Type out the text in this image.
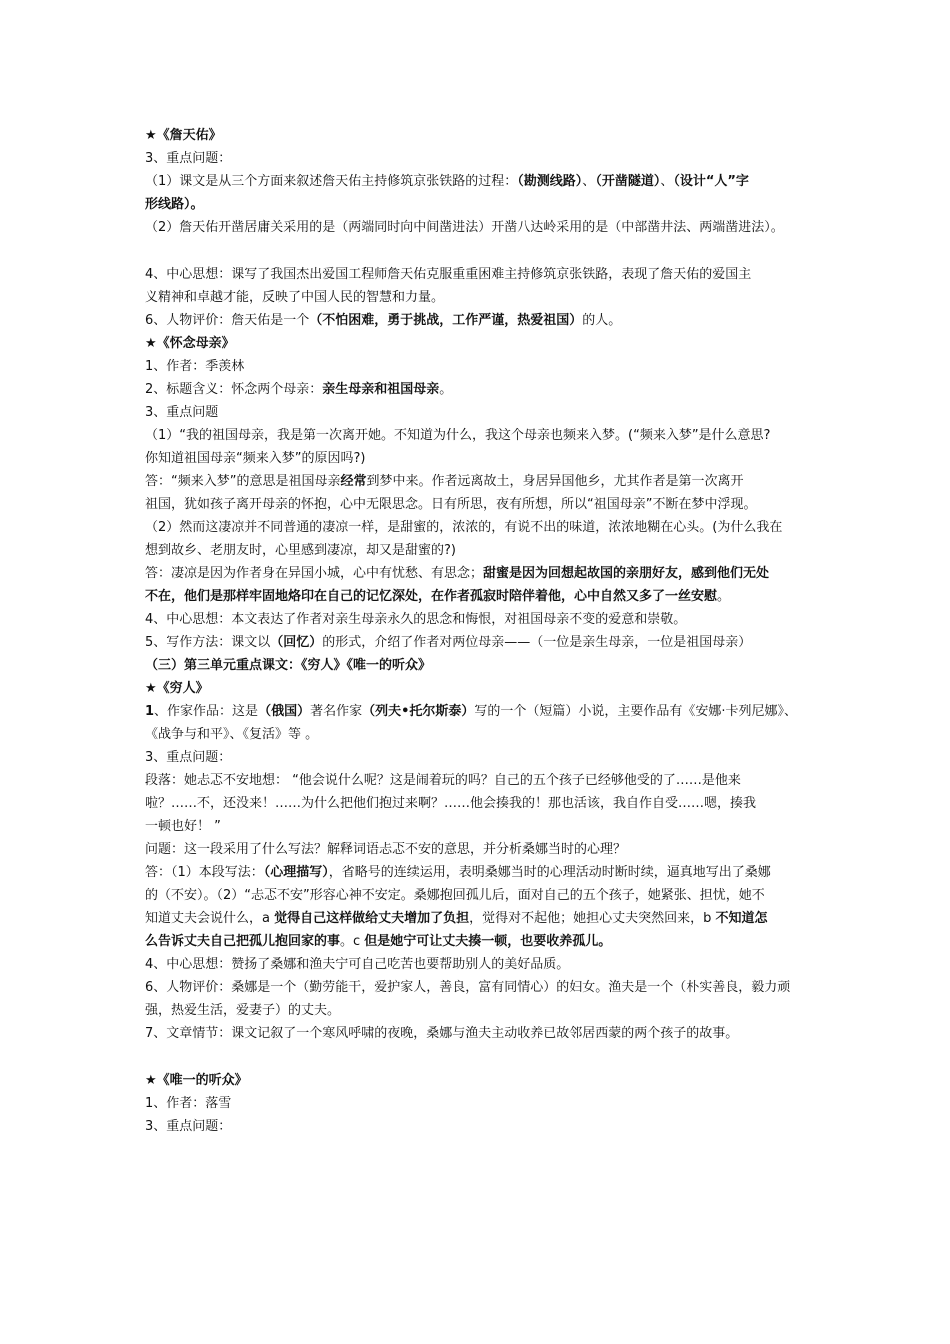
★《詹天佑》
3、重点问题：
（1）课文是从三个方面来叙述詹天佑主持修筑京张铁路的过程：（勘测线路）、（开凿隧道）、（设计“人”字
形线路）。
（2）詹天佑开凿居庸关采用的是（两端同时向中间凿进法）开凿八达岭采用的是（中部凿井法、两端凿进法）。
4、中心思想：课写了我国杰出爱国工程师詹天佑克服重重困难主持修筑京张铁路，表现了詹天佑的爱国主
义精神和卓越才能，反映了中国人民的智慧和力量。
6、人物评价：詹天佑是一个（不怕困难，勇于挑战，工作严谨，热爱祖国）的人。
★《怀念母亲》
1、作者：季羡林
2、标题含义：怀念两个母亲：亲生母亲和祖国母亲。
3、重点问题
（1）“我的祖国母亲，我是第一次离开她。不知道为什么，我这个母亲也频来入梦。(“频来入梦”是什么意思?
你知道祖国母亲“频来入梦”的原因吗?)
答：“频来入梦”的意思是祖国母亲经常到梦中来。作者远离故土，身居异国他乡，尤其作者是第一次离开
祖国，犹如孩子离开母亲的怀抱，心中无限思念。日有所思，夜有所想，所以“祖国母亲”不断在梦中浮现。
（2）然而这凄凉并不同普通的凄凉一样，是甜蜜的，浓浓的，有说不出的味道，浓浓地糊在心头。(为什么我在
想到故乡、老朋友时，心里感到凄凉，却又是甜蜜的?)
答：凄凉是因为作者身在异国小城，心中有忧愁、有思念；甜蜜是因为回想起故国的亲朋好友，感到他们无处
不在，他们是那样牢固地烙印在自己的记忆深处，在作者孤寂时陪伴着他，心中自然又多了一丝安慰。
4、中心思想：本文表达了作者对亲生母亲永久的思念和悔恨，对祖国母亲不变的爱意和崇敬。
5、写作方法：课文以（回忆）的形式，介绍了作者对两位母亲——（一位是亲生母亲，一位是祖国母亲）
（三）第三单元重点课文：《穷人》《唯一的听众》
★《穷人》
1、作家作品：这是（俄国）著名作家（列夫•托尔斯泰）写的一个（短篇）小说，主要作品有《安娜·卡列尼娜》、
《战争与和平》、《复活》等 。
3、重点问题：
段落：她忐忑不安地想： “他会说什么呢？这是闹着玩的吗？自己的五个孩子已经够他受的了……是他来
啦？……不，还没来！……为什么把他们抱过来啊？……他会揍我的！那也活该，我自作自受……嗯，揍我
一顿也好！ ”
问题：这一段采用了什么写法？解释词语忐忑不安的意思，并分析桑娜当时的心理？
答：（1）本段写法：（心理描写），省略号的连续运用，表明桑娜当时的心理活动时断时续，逼真地写出了桑娜
的（不安）。（2）“忐忑不安”形容心神不安定。桑娜抱回孤儿后，面对自己的五个孩子，她紧张、担忧，她不
知道丈夫会说什么，a 觉得自己这样做给丈夫增加了负担，觉得对不起他；她担心丈夫突然回来，b 不知道怎
么告诉丈夫自己把孤儿抱回家的事。c 但是她宁可让丈夫揍一顿，也要收养孤儿。
4、中心思想：赞扬了桑娜和渔夫宁可自己吃苦也要帮助别人的美好品质。
6、人物评价：桑娜是一个（勤劳能干，爱护家人，善良，富有同情心）的妇女。渔夫是一个（朴实善良，毅力顽
强，热爱生活，爱妻子）的丈夫。
7、文章情节：课文记叙了一个寒风呼啸的夜晚，桑娜与渔夫主动收养已故邻居西蒙的两个孩子的故事。
★《唯一的听众》
1、作者：落雪
3、重点问题：
